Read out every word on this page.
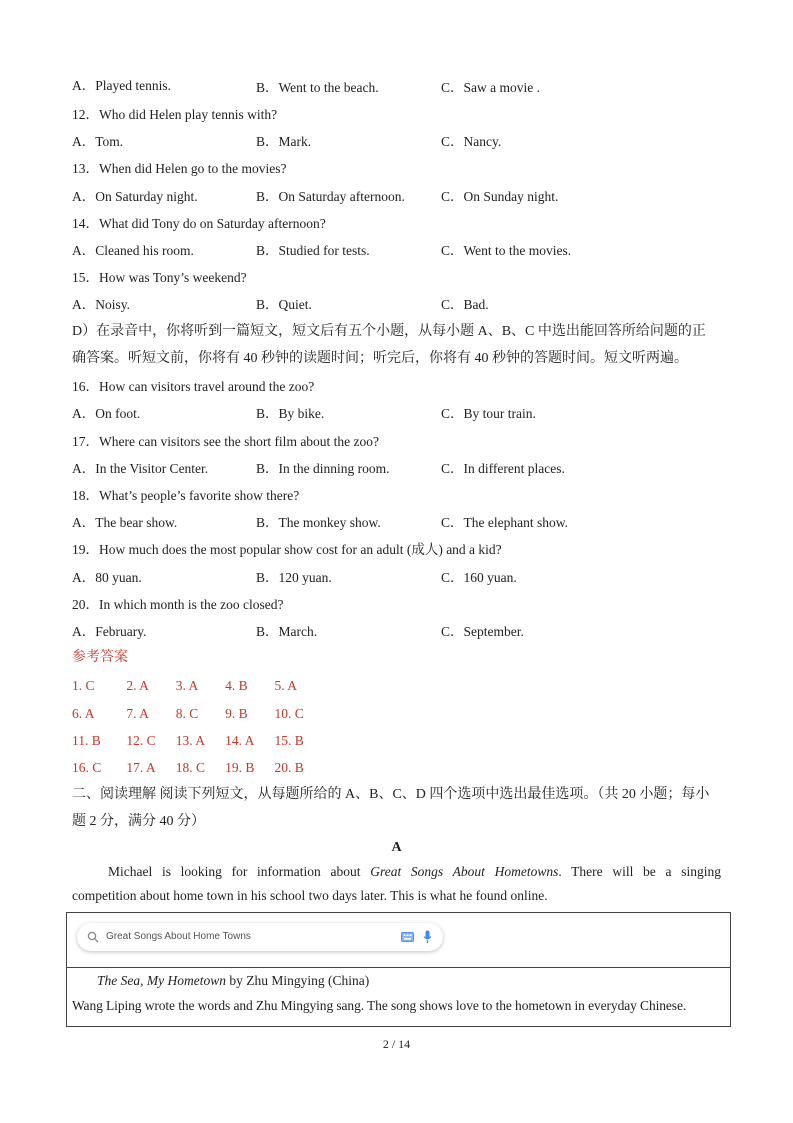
A．Played tennis.	B．Went to the beach.	C．Saw a movie .
12．Who did Helen play tennis with?
A．Tom.	B．Mark.	C．Nancy.
13．When did Helen go to the movies?
A．On Saturday night.	B．On Saturday afternoon.	C．On Sunday night.
14．What did Tony do on Saturday afternoon?
A．Cleaned his room.	B．Studied for tests.	C．Went to the movies.
15．How was Tony’s weekend?
A．Noisy.	B．Quiet.	C．Bad.
D）在录音中，你将听到一篇短文，短文后有五个小题，从每小题 A、B、C 中选出能回答所给问题的正
确答案。听短文前，你将有 40 秒钟的读题时间；听完后，你将有 40 秒钟的答题时间。短文听两遍。
16．How can visitors travel around the zoo?
A．On foot.	B．By bike.	C．By tour train.
17．Where can visitors see the short film about the zoo?
A．In the Visitor Center.	B．In the dinning room.	C．In different places.
18．What’s people’s favorite show there?
A．The bear show.	B．The monkey show.	C．The elephant show.
19．How much does the most popular show cost for an adult (成人) and a kid?
A．80 yuan.	B．120 yuan.	C．160 yuan.
20．In which month is the zoo closed?
A．February.	B．March.	C．September.
参考答案
1. C 2. A 3. A 4. B 5. A
6. A 7. A 8. C 9. B 10. C
11. B 12. C 13. A 14. A 15. B
16. C 17. A 18. C 19. B 20. B
二、阅读理解 阅读下列短文，从每题所给的 A、B、C、D 四个选项中选出最佳选项。（共 20 小题；每小
题 2 分，满分 40 分）
A
Michael is looking for information about Great Songs About Hometowns. There will be a singing
competition about home town in his school two days later. This is what he found online.
Great Songs About Home Towns
The Sea, My Hometown by Zhu Mingying (China)
Wang Liping wrote the words and Zhu Mingying sang. The song shows love to the hometown in everyday Chinese.
2 / 14
